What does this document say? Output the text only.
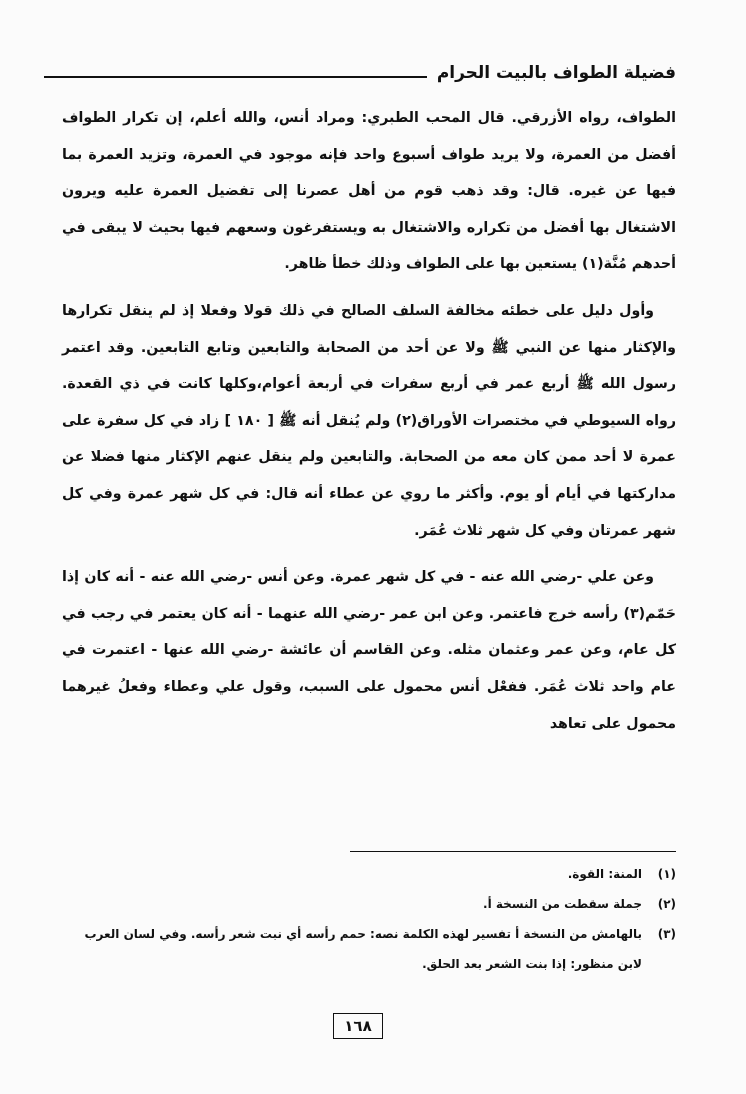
فضيلة الطواف بالبيت الحرام

الطواف، رواه الأزرقي. قال المحب الطبري: ومراد أنس، والله أعلم، إن تكرار الطواف أفضل من العمرة، ولا يريد طواف أسبوع واحد فإنه موجود في العمرة، وتزيد العمرة بما فيها عن غيره. قال: وقد ذهب قوم من أهل عصرنا إلى تفضيل العمرة عليه ويرون الاشتغال بها أفضل من تكراره والاشتغال به ويستفرغون وسعهم فيها بحيث لا يبقى في أحدهم مُنَّة(١) يستعين بها على الطواف وذلك خطأ ظاهر.

وأول دليل على خطئه مخالفة السلف الصالح في ذلك قولا وفعلا إذ لم ينقل تكرارها والإكثار منها عن النبي ﷺ ولا عن أحد من الصحابة والتابعين وتابع التابعين. وقد اعتمر رسول الله ﷺ أربع عمر في أربع سفرات في أربعة أعوام،وكلها كانت في ذي القعدة. رواه السيوطي في مختصرات الأوراق(٢) ولم يُنقل أنه ﷺ [ ١٨٠ ] زاد في كل سفرة على عمرة لا أحد ممن كان معه من الصحابة. والتابعين ولم ينقل عنهم الإكثار منها فضلا عن مداركتها في أيام أو يوم. وأكثر ما روي عن عطاء أنه قال: في كل شهر عمرة وفي كل شهر عمرتان وفي كل شهر ثلاث عُمَر.

وعن علي -رضي الله عنه - في كل شهر عمرة. وعن أنس -رضي الله عنه - أنه كان إذا حَمّم(٣) رأسه خرج فاعتمر. وعن ابن عمر -رضي الله عنهما - أنه كان يعتمر في رجب في كل عام، وعن عمر وعثمان مثله. وعن القاسم أن عائشة -رضي الله عنها - اعتمرت في عام واحد ثلاث عُمَر. ففعْل أنس محمول على السبب، وقول علي وعطاء وفعلُ غيرهما محمول على تعاهد

(١)
المنة: القوة.
(٢)
جملة سقطت من النسخة أ.
(٣)
بالهامش من النسخة أ تفسير لهذه الكلمة نصه: حمم رأسه أي نبت شعر رأسه. وفي لسان العرب لابن منظور: إذا بنت الشعر بعد الحلق.
١٦٨
